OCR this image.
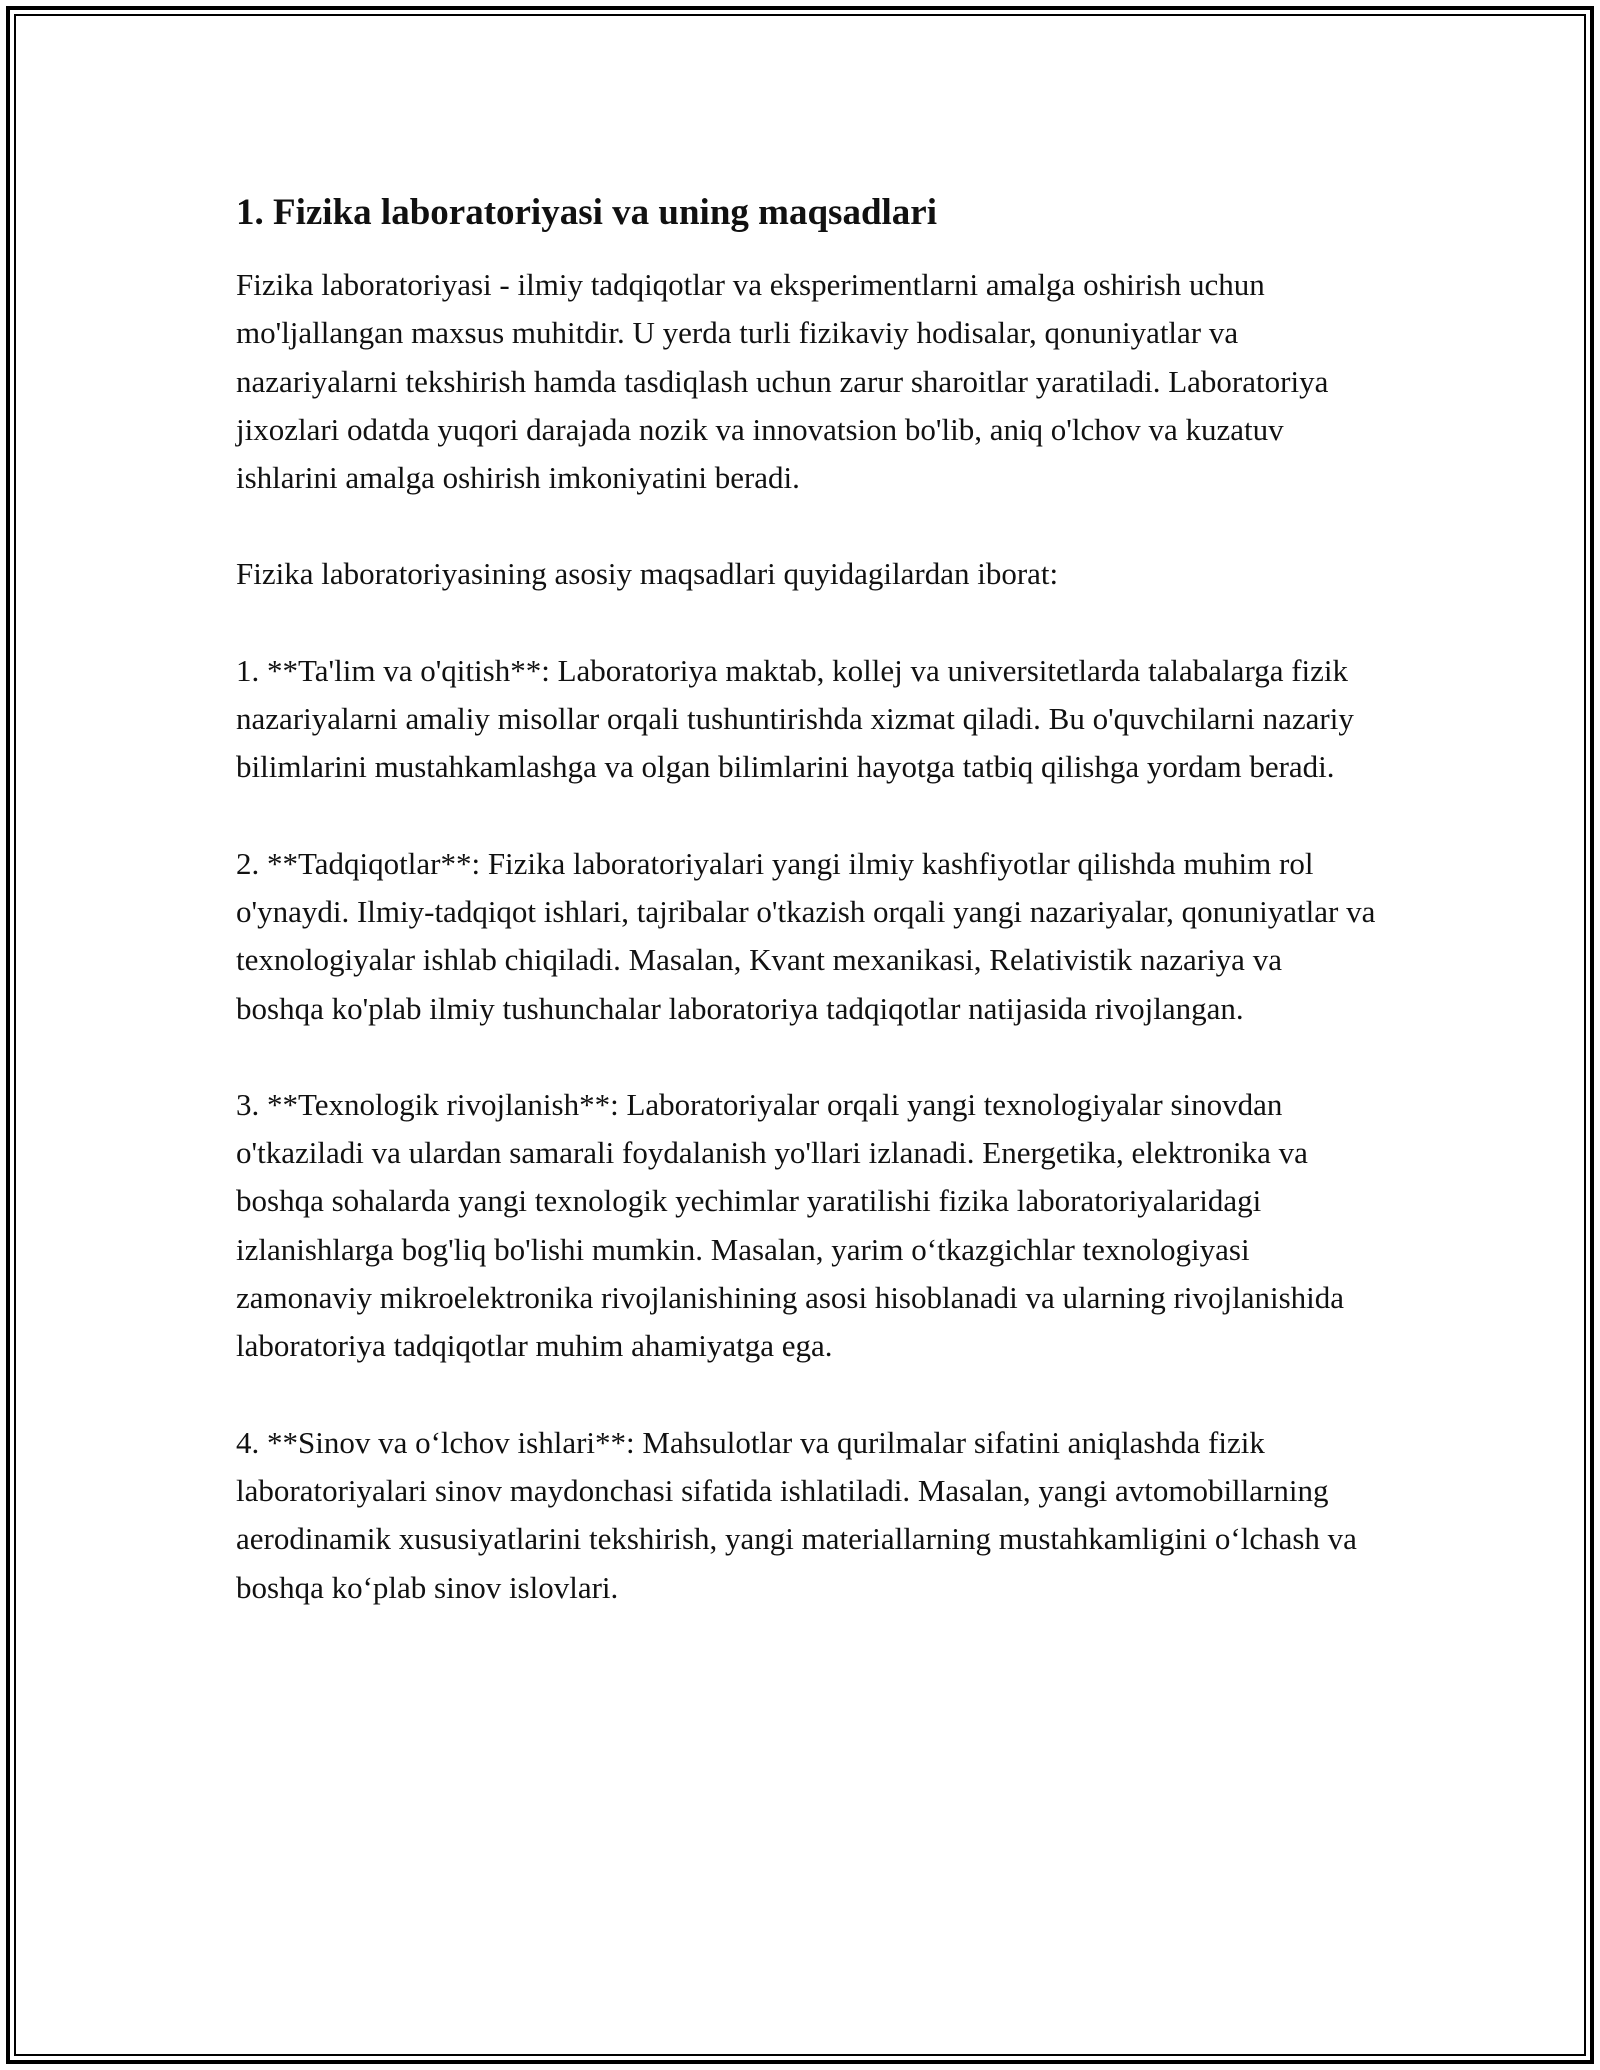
1. Fizika laboratoriyasi va uning maqsadlari

Fizika laboratoriyasi - ilmiy tadqiqotlar va eksperimentlarni amalga oshirish uchun mo'ljallangan maxsus muhitdir. U yerda turli fizikaviy hodisalar, qonuniyatlar va nazariyalarni tekshirish hamda tasdiqlash uchun zarur sharoitlar yaratiladi. Laboratoriya jixozlari odatda yuqori darajada nozik va innovatsion bo'lib, aniq o'lchov va kuzatuv ishlarini amalga oshirish imkoniyatini beradi.

Fizika laboratoriyasining asosiy maqsadlari quyidagilardan iborat:

1. **Ta'lim va o'qitish**: Laboratoriya maktab, kollej va universitetlarda talabalarga fizik nazariyalarni amaliy misollar orqali tushuntirishda xizmat qiladi. Bu o'quvchilarni nazariy bilimlarini mustahkamlashga va olgan bilimlarini hayotga tatbiq qilishga yordam beradi.

2. **Tadqiqotlar**: Fizika laboratoriyalari yangi ilmiy kashfiyotlar qilishda muhim rol o'ynaydi. Ilmiy-tadqiqot ishlari, tajribalar o'tkazish orqali yangi nazariyalar, qonuniyatlar va texnologiyalar ishlab chiqiladi. Masalan, Kvant mexanikasi, Relativistik nazariya va boshqa ko'plab ilmiy tushunchalar laboratoriya tadqiqotlar natijasida rivojlangan.

3. **Texnologik rivojlanish**: Laboratoriyalar orqali yangi texnologiyalar sinovdan o'tkaziladi va ulardan samarali foydalanish yo'llari izlanadi. Energetika, elektronika va boshqa sohalarda yangi texnologik yechimlar yaratilishi fizika laboratoriyalaridagi izlanishlarga bog'liq bo'lishi mumkin. Masalan, yarim o‘tkazgichlar texnologiyasi zamonaviy mikroelektronika rivojlanishining asosi hisoblanadi va ularning rivojlanishida laboratoriya tadqiqotlar muhim ahamiyatga ega.

4. **Sinov va o‘lchov ishlari**: Mahsulotlar va qurilmalar sifatini aniqlashda fizik laboratoriyalari sinov maydonchasi sifatida ishlatiladi. Masalan, yangi avtomobillarning aerodinamik xususiyatlarini tekshirish, yangi materiallarning mustahkamligini o‘lchash va boshqa ko‘plab sinov islovlari.
